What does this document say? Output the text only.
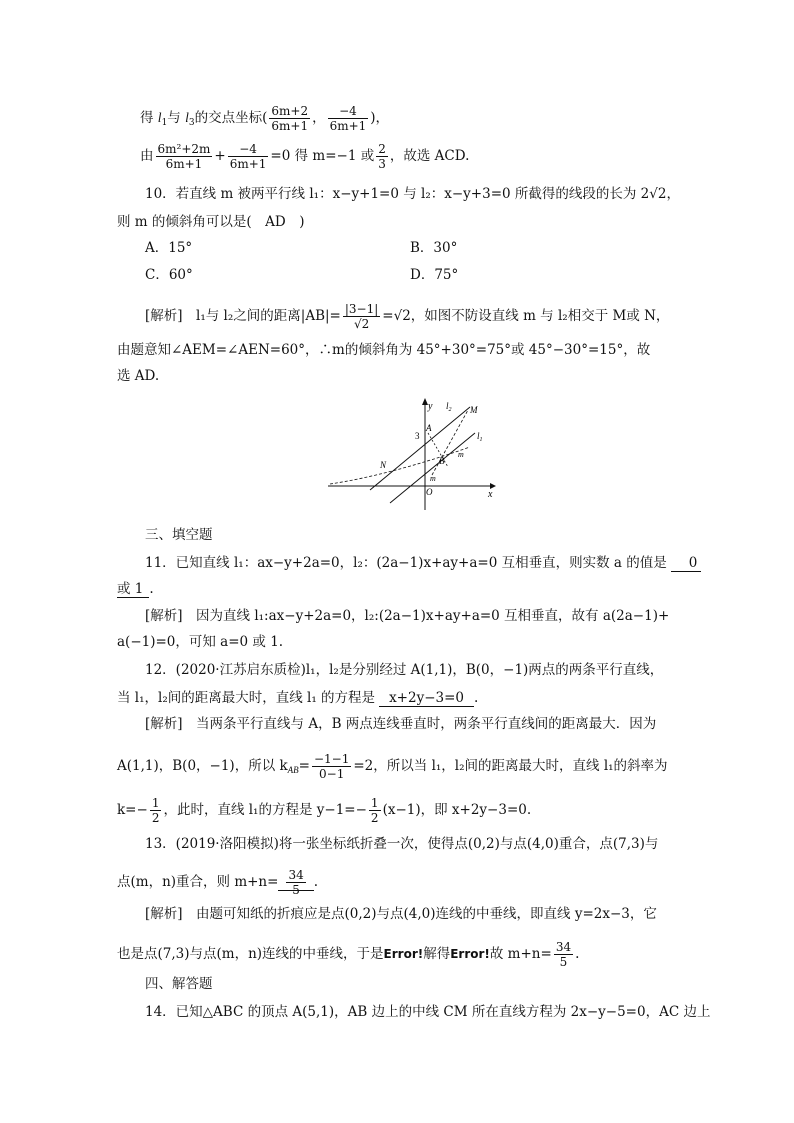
得 $l_1$与 $l_3$的交点坐标( $\frac{6m+2}{6m+1}$ ， $\frac{-4}{6m+1}$ )，
由 $\frac{\text{6m²+2m}}{6m+1} + \frac{-4}{6m+1} =0$ 得 m=−1 或 $\frac{2}{3}$ ，故选 ACD.
10．若直线 m 被两平行线 l₁：x−y+1=0 与 l₂：x−y+3=0 所截得的线段的长为 2√2，
则 m 的倾斜角可以是(　AD　)
A．15°	B．30°
C．60°	D．75°
[解析]　l₁与 l₂之间的距离$|AB|= \frac{|3-1|}{√2} =√2$，如图不防设直线 m 与 l₂相交于 M或 N，
由题意知∠AEM=∠AEN=60°，∴m的倾斜角为 45°+30°=75°或 45°−30°=15°，故
选 AD.
y
x
O
3
A
B
M
N
$l_2$
$l_1$
m
m
三、填空题
11．已知直线 l₁：ax−y+2a=0，l₂：(2a−1)x+ay+a=0 互相垂直，则实数 a 的值是 0
或 1 .
[解析]　因为直线 l₁:ax−y+2a=0，l₂:(2a−1)x+ay+a=0 互相垂直，故有 a(2a−1)+
a(−1)=0，可知 a=0 或 1.
12．(2020·江苏启东质检)l₁，l₂是分别经过 A(1,1)，B(0，−1)两点的两条平行直线，
当 l₁，l₂间的距离最大时，直线 l₁ 的方程是 x+2y−3=0 .
[解析]　当两条平行直线与 A，B 两点连线垂直时，两条平行直线间的距离最大．因为
A(1,1)，B(0，−1)，所以 $k_{AB}= \frac{-1-1}{0-1} =2$，所以当 l₁，l₂间的距离最大时，直线 l₁的斜率为
$k=- \frac{1}{2}$ ，此时，直线 l₁的方程是 $y-1=- \frac{1}{2} (x-1)$，即 x+2y−3=0.
13．(2019·洛阳模拟)将一张坐标纸折叠一次，使得点(0,2)与点(4,0)重合，点(7,3)与
点(m，n)重合，则 $m+n= \frac{34}{5}$ .
[解析]　由题可知纸的折痕应是点(0,2)与点(4,0)连线的中垂线，即直线 y=2x−3，它
也是点(7,3)与点(m，n)连线的中垂线，于是Error!解得Error!故 $m+n= \frac{34}{5}$ .
四、解答题
14．已知△ABC 的顶点 A(5,1)，AB 边上的中线 CM 所在直线方程为 2x−y−5=0，AC 边上
